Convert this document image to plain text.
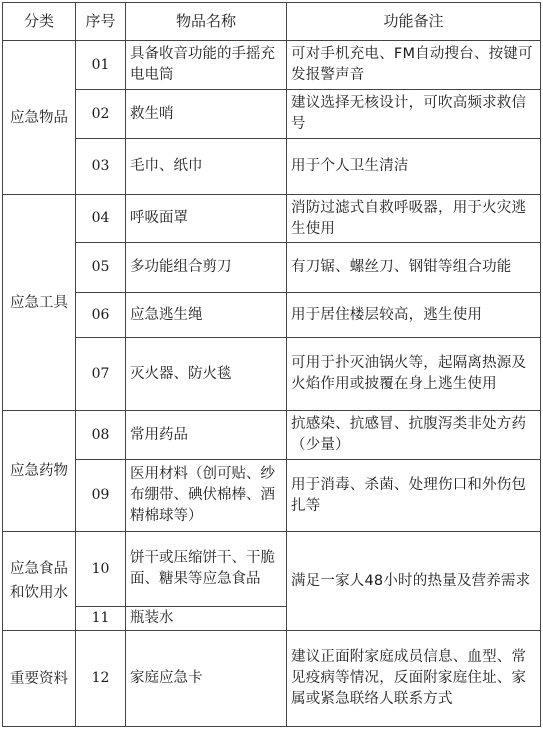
分类	序号	物品名称	功能备注
应急物品	01	具备收音功能的手摇充电电筒	可对手机充电、FM自动搜台、按键可发报警声音
	02	救生哨	建议选择无核设计，可吹高频求救信号
	03	毛巾、纸巾	用于个人卫生清洁
应急工具	04	呼吸面罩	消防过滤式自救呼吸器，用于火灾逃生使用
	05	多功能组合剪刀	有刀锯、螺丝刀、钢钳等组合功能
	06	应急逃生绳	用于居住楼层较高，逃生使用
	07	灭火器、防火毯	可用于扑灭油锅火等，起隔离热源及火焰作用或披覆在身上逃生使用
应急药物	08	常用药品	抗感染、抗感冒、抗腹泻类非处方药（少量）
	09	医用材料（创可贴、纱布绷带、碘伏棉棒、酒精棉球等）	用于消毒、杀菌、处理伤口和外伤包扎等
应急食品和饮用水	10	饼干或压缩饼干、干脆面、糖果等应急食品	满足一家人48小时的热量及营养需求
	11	瓶装水	
重要资料	12	家庭应急卡	建议正面附家庭成员信息、血型、常见疫病等情况，反面附家庭住址、家属或紧急联络人联系方式
